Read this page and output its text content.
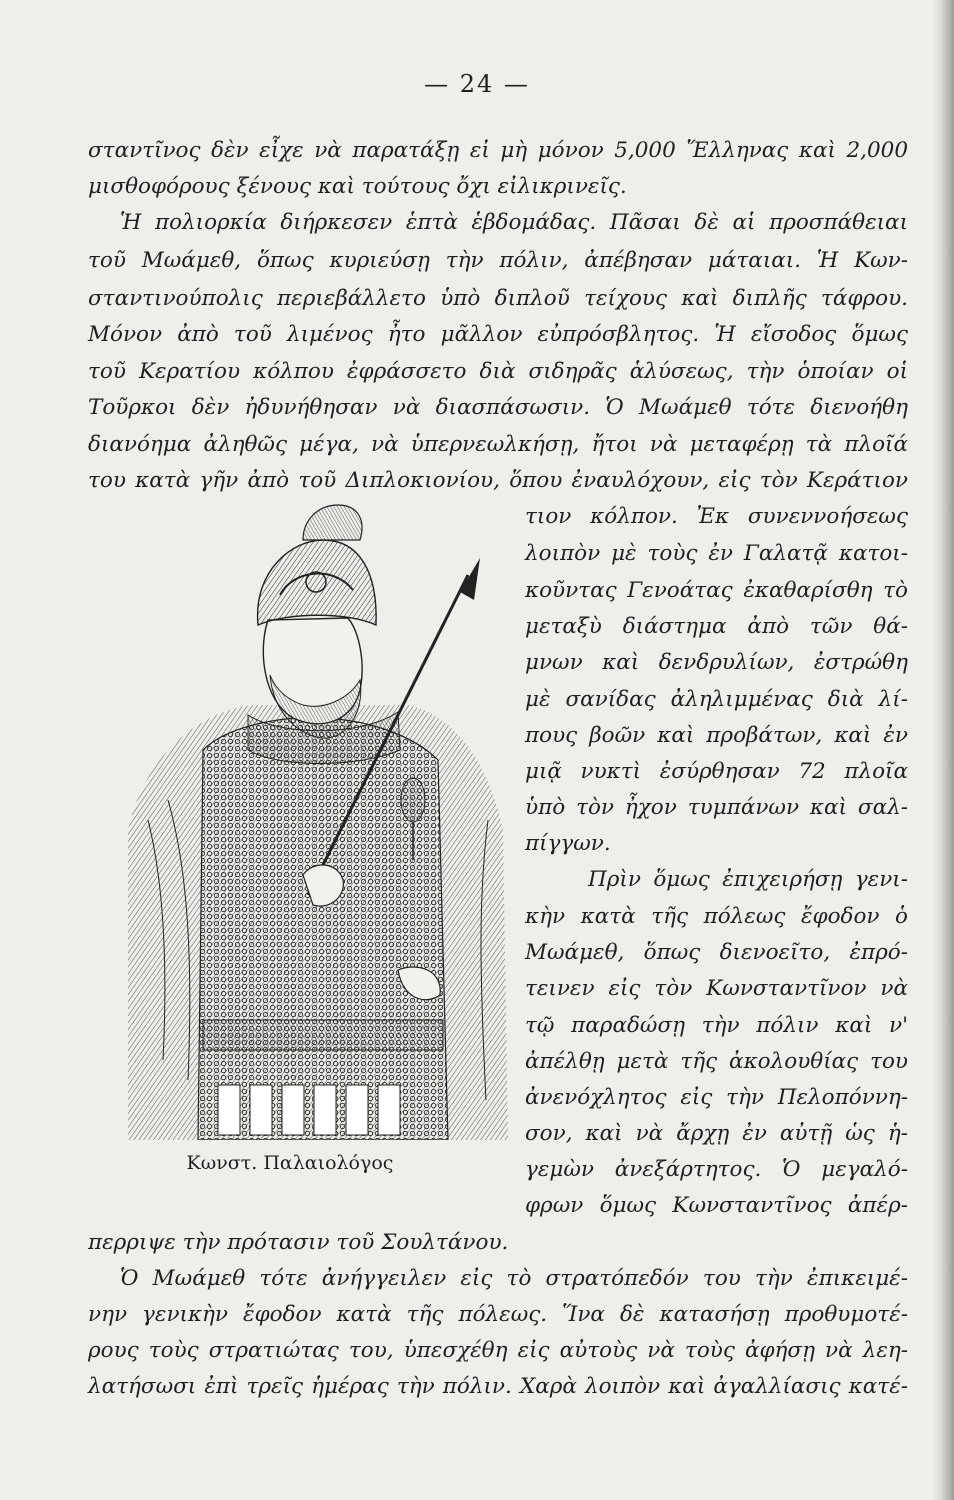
— 24 —
σταντῖνος δὲν εἶχε νὰ παρατάξῃ εἰ μὴ μόνον 5,000 Ἕλληνας καὶ 2,000
μισθοφόρους ξένους καὶ τούτους ὄχι εἰλικρινεῖς.
Ἡ πολιορκία διήρκεσεν ἑπτὰ ἑβδομάδας. Πᾶσαι δὲ αἱ προσπάθειαι
τοῦ Μωάμεθ, ὅπως κυριεύσῃ τὴν πόλιν, ἀπέβησαν μάταιαι. Ἡ Κων-
σταντινούπολις περιεβάλλετο ὑπὸ διπλοῦ τείχους καὶ διπλῆς τάφρου.
Μόνον ἀπὸ τοῦ λιμένος ἦτο μᾶλλον εὐπρόσβλητος. Ἡ εἴσοδος ὅμως
τοῦ Κερατίου κόλπου ἐφράσσετο διὰ σιδηρᾶς ἁλύσεως, τὴν ὁποίαν οἱ
Τοῦρκοι δὲν ἠδυνήθησαν νὰ διασπάσωσιν. Ὁ Μωάμεθ τότε διενοήθη
διανόημα ἀληθῶς μέγα, νὰ ὑπερνεωλκήσῃ, ἤτοι νὰ μεταφέρῃ τὰ πλοῖά
του κατὰ γῆν ἀπὸ τοῦ Διπλοκιονίου, ὅπου ἐναυλόχουν, εἰς τὸν Κεράτιον
τιον κόλπον. Ἐκ συνεννοήσεως
λοιπὸν μὲ τοὺς ἐν Γαλατᾷ κατοι-
κοῦντας Γενοάτας ἐκαθαρίσθη τὸ
μεταξὺ διάστημα ἀπὸ τῶν θά-
μνων καὶ δενδρυλίων, ἐστρώθη
μὲ σανίδας ἀληλιμμένας διὰ λί-
πους βοῶν καὶ προβάτων, καὶ ἐν
μιᾷ νυκτὶ ἐσύρθησαν 72 πλοῖα
ὑπὸ τὸν ἦχον τυμπάνων καὶ σαλ-
πίγγων.
Πρὶν ὅμως ἐπιχειρήσῃ γενι-
κὴν κατὰ τῆς πόλεως ἔφοδον ὁ
Μωάμεθ, ὅπως διενοεῖτο, ἐπρό-
τεινεν εἰς τὸν Κωνσταντῖνον νὰ
τῷ παραδώσῃ τὴν πόλιν καὶ ν'
ἀπέλθῃ μετὰ τῆς ἀκολουθίας του
ἀνενόχλητος εἰς τὴν Πελοπόννη-
σον, καὶ νὰ ἄρχῃ ἐν αὐτῇ ὡς ἡ-
γεμὼν ἀνεξάρτητος. Ὁ μεγαλό-
φρων ὅμως Κωνσταντῖνος ἀπέρ-
περριψε τὴν πρότασιν τοῦ Σουλτάνου.
Ὁ Μωάμεθ τότε ἀνήγγειλεν εἰς τὸ στρατόπεδόν του τὴν ἐπικειμέ-
νην γενικὴν ἔφοδον κατὰ τῆς πόλεως. Ἵνα δὲ κατασήσῃ προθυμοτέ-
ρους τοὺς στρατιώτας του, ὑπεσχέθη εἰς αὐτοὺς νὰ τοὺς ἀφήσῃ νὰ λεη-
λατήσωσι ἐπὶ τρεῖς ἡμέρας τὴν πόλιν. Χαρὰ λοιπὸν καὶ ἀγαλλίασις κατέ-
Κωνστ. Παλαιολόγος
